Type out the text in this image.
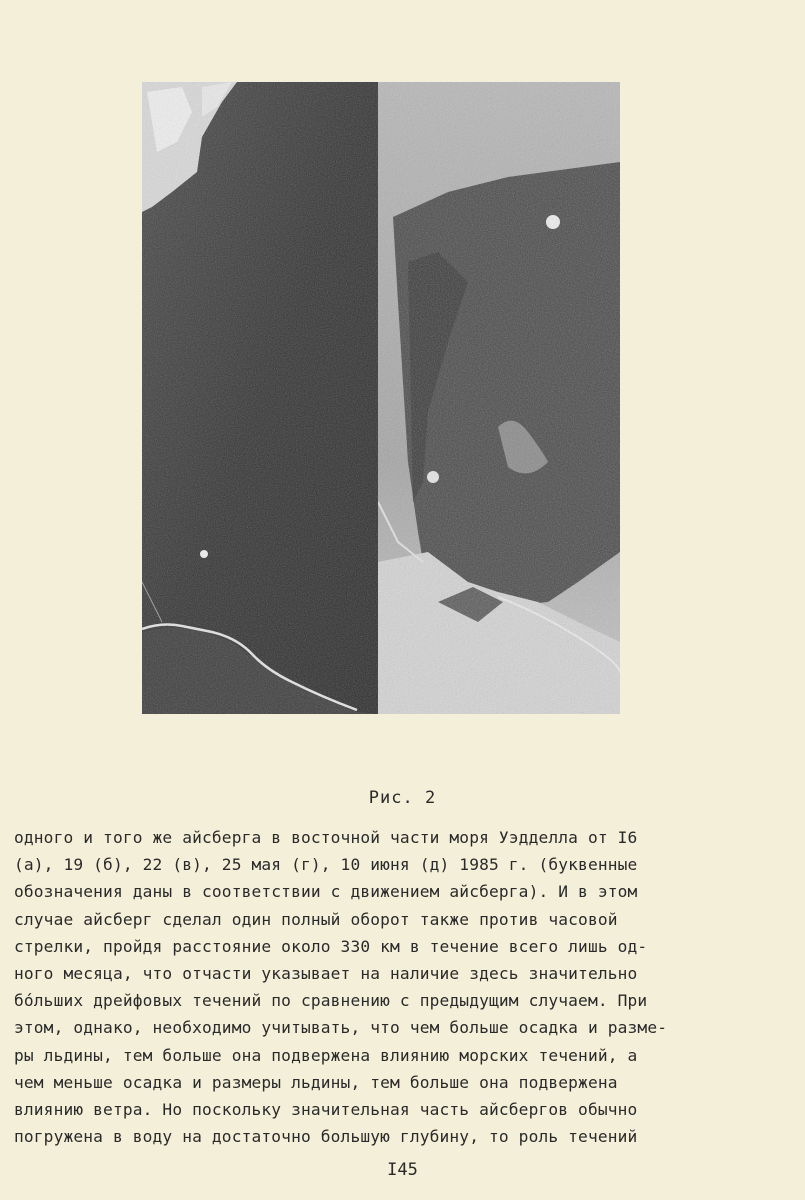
Рис. 2
одного и того же айсберга в восточной части моря Уэдделла от I6
(а), 19 (б), 22 (в), 25 мая (г), 10 июня (д) 1985 г. (буквенные
обозначения даны в соответствии с движением айсберга). И в этом
случае айсберг сделал один полный оборот также против часовой
стрелки, пройдя расстояние около 330 км в течение всего лишь од-
ного месяца, что отчасти указывает на наличие здесь значительно
бо́льших дрейфовых течений по сравнению с предыдущим случаем. При
этом, однако, необходимо учитывать, что чем больше осадка и разме-
ры льдины, тем больше она подвержена влиянию морских течений, а
чем меньше осадка и размеры льдины, тем больше она подвержена
влиянию ветра. Но поскольку значительная часть айсбергов обычно
погружена в воду на достаточно большую глубину, то роль течений
I45
